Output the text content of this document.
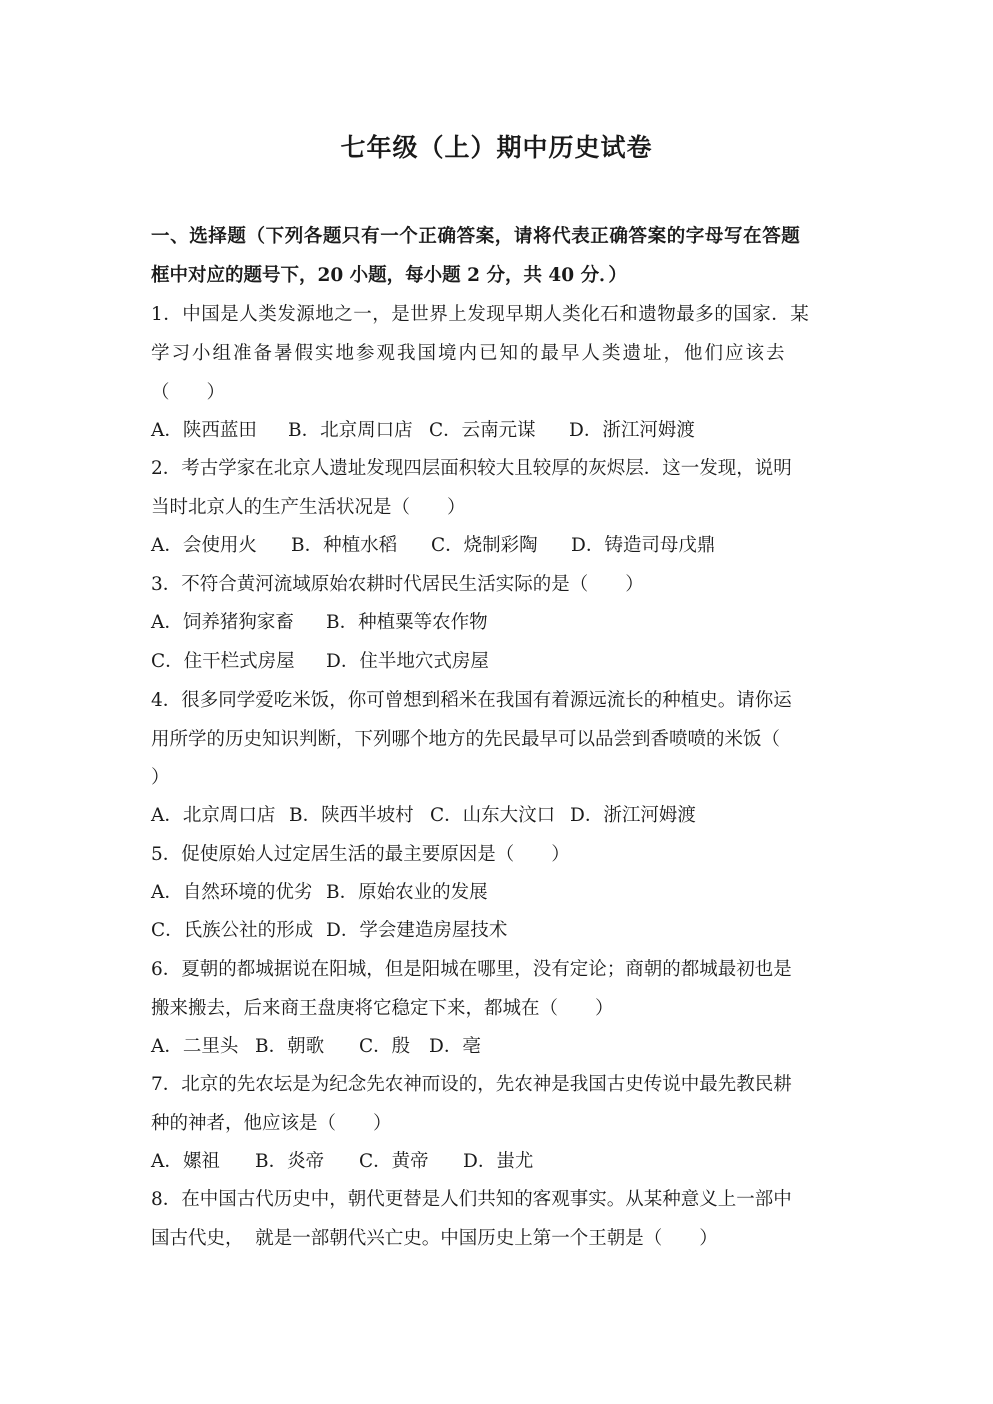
七年级（上）期中历史试卷
一、选择题（下列各题只有一个正确答案，请将代表正确答案的字母写在答题
框中对应的题号下，20 小题，每小题 2 分，共 40 分．）
1．中国是人类发源地之一，是世界上发现早期人类化石和遗物最多的国家．某
学习小组准备暑假实地参观我国境内已知的最早人类遗址，他们应该去
（　　）
A．陕西蓝田 B．北京周口店 C．云南元谋 D．浙江河姆渡
2．考古学家在北京人遗址发现四层面积较大且较厚的灰烬层．这一发现，说明
当时北京人的生产生活状况是（　　）
A．会使用火 B．种植水稻 C．烧制彩陶 D．铸造司母戊鼎
3．不符合黄河流域原始农耕时代居民生活实际的是（　　）
A．饲养猪狗家畜 B．种植粟等农作物
C．住干栏式房屋 D．住半地穴式房屋
4．很多同学爱吃米饭，你可曾想到稻米在我国有着源远流长的种植史。请你运
用所学的历史知识判断，下列哪个地方的先民最早可以品尝到香喷喷的米饭（
）
A．北京周口店 B．陕西半坡村 C．山东大汶口 D．浙江河姆渡
5．促使原始人过定居生活的最主要原因是（　　）
A．自然环境的优劣 B．原始农业的发展
C．氏族公社的形成 D．学会建造房屋技术
6．夏朝的都城据说在阳城，但是阳城在哪里，没有定论；商朝的都城最初也是
搬来搬去，后来商王盘庚将它稳定下来，都城在（　　）
A．二里头 B．朝歌 C．殷 D．亳
7．北京的先农坛是为纪念先农神而设的，先农神是我国古史传说中最先教民耕
种的神者，他应该是（　　）
A．嫘祖 B．炎帝 C．黄帝 D．蚩尤
8．在中国古代历史中，朝代更替是人们共知的客观事实。从某种意义上一部中
国古代史，  就是一部朝代兴亡史。中国历史上第一个王朝是（　　）
